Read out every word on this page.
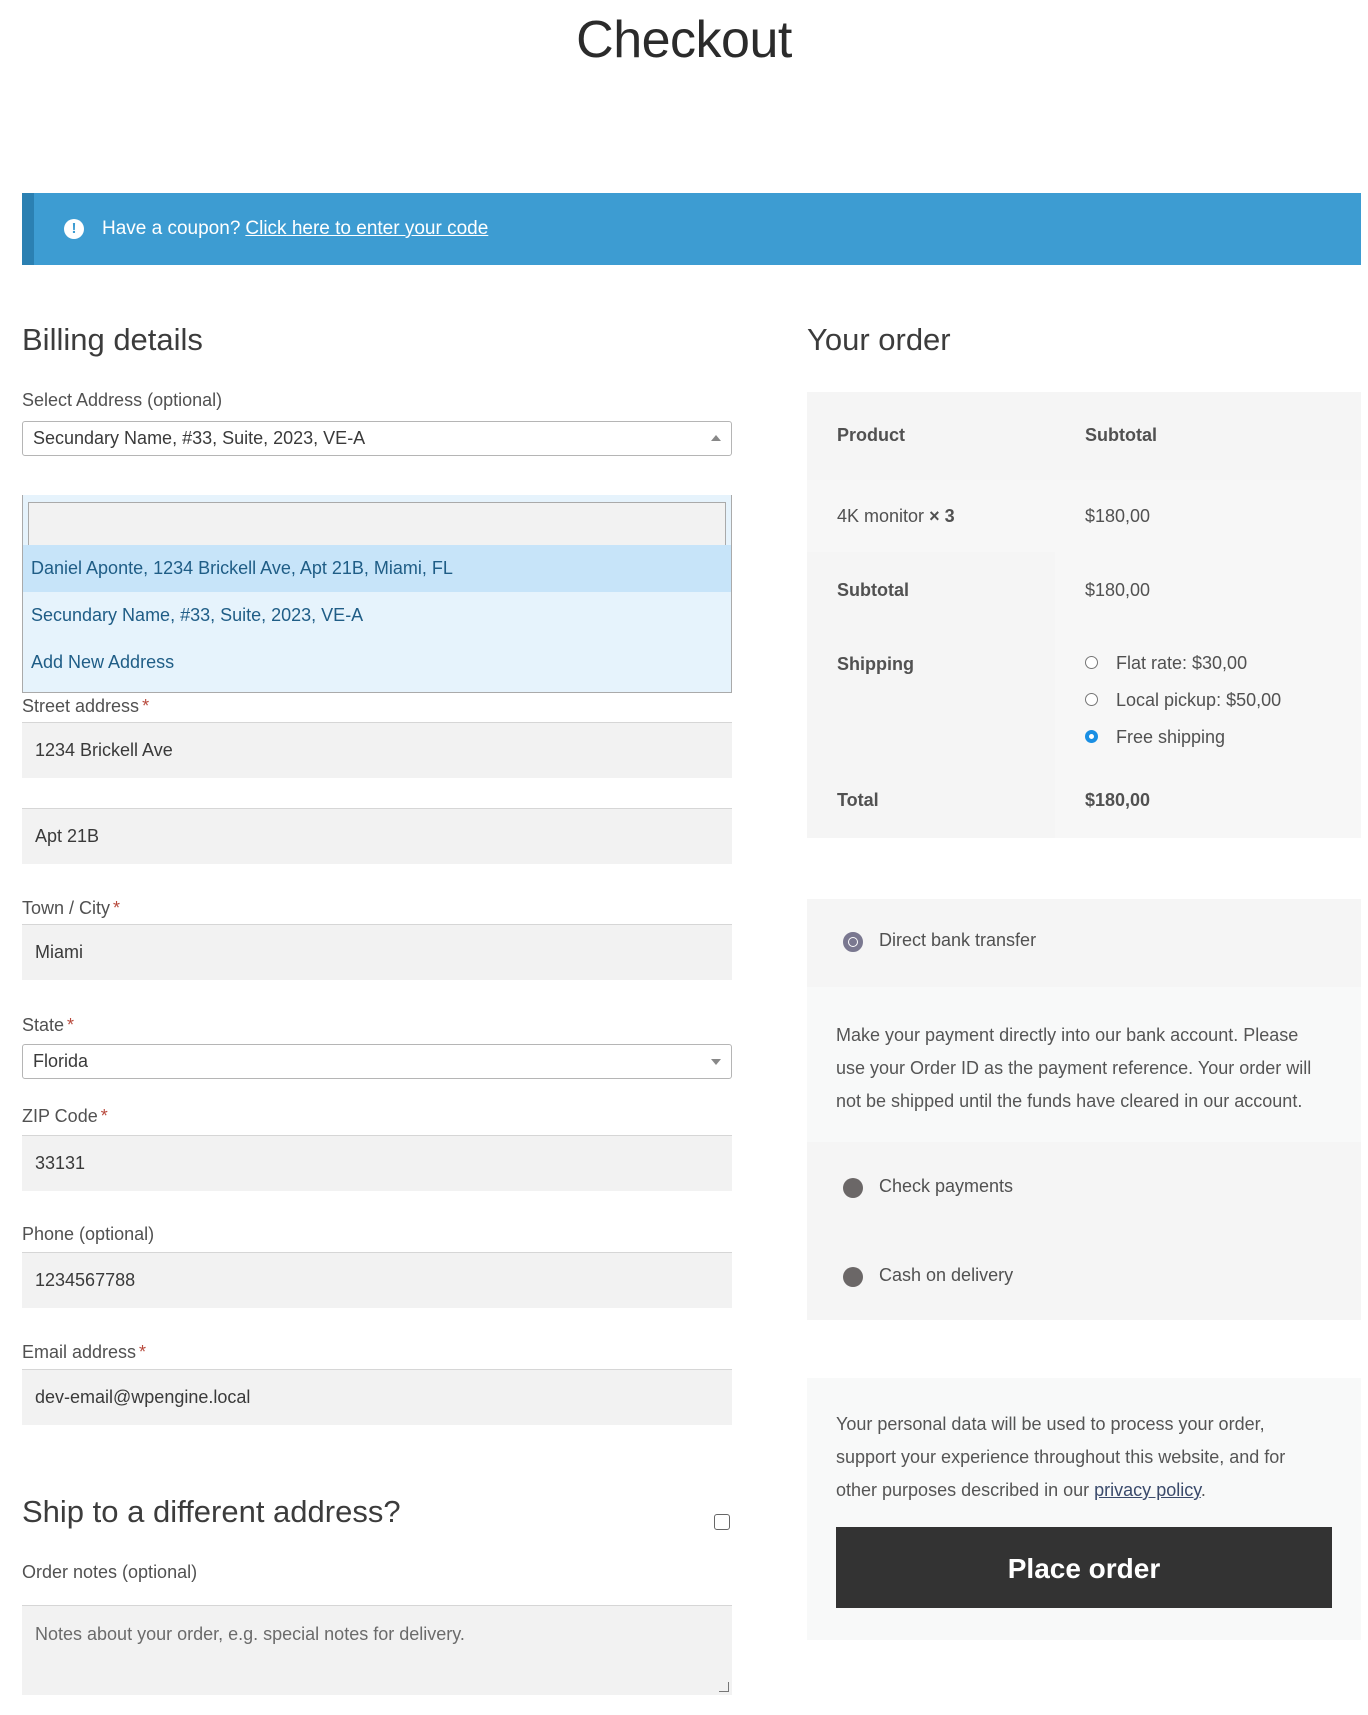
Checkout
!	Have a coupon? Click here to enter your code
Billing details
Select Address (optional)
Secundary Name, #33, Suite, 2023, VE-A

Daniel Aponte, 1234 Brickell Ave, Apt 21B, Miami, FL
Secundary Name, #33, Suite, 2023, VE-A
Add New Address
Street address *
1234 Brickell Ave
Apt 21B
Town / City *
Miami
State *
Florida
ZIP Code *
33131
Phone (optional)
1234567788
Email address *
dev-email@wpengine.local
Ship to a different address?
Order notes (optional)
Notes about your order, e.g. special notes for delivery.
Your order
Product	Subtotal
4K monitor × 3	$180,00
Subtotal	$180,00
Shipping	Flat rate: $30,00
Local pickup: $50,00
Free shipping
Total	$180,00
Direct bank transfer
Make your payment directly into our bank account. Please
use your Order ID as the payment reference. Your order will
not be shipped until the funds have cleared in our account.
Check payments
Cash on delivery
Your personal data will be used to process your order,
support your experience throughout this website, and for
other purposes described in our privacy policy.
Place order
